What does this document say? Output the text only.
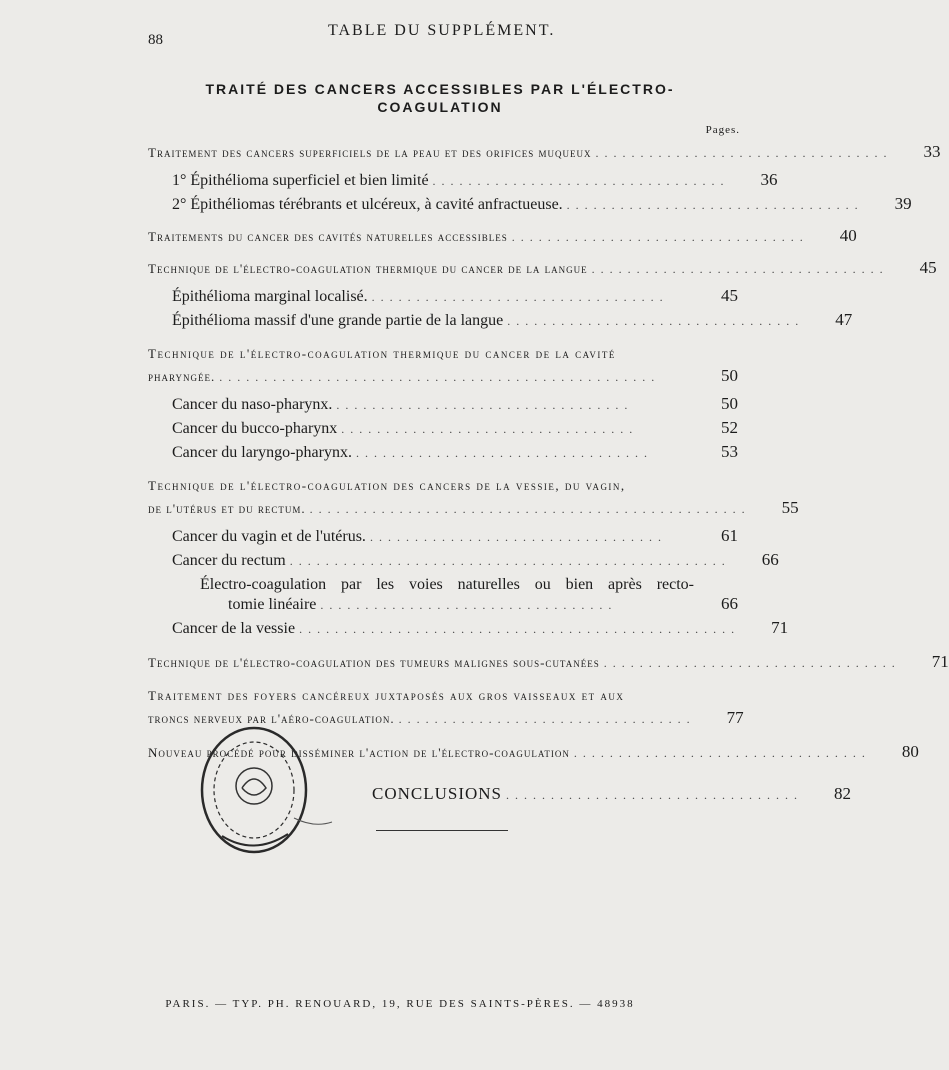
88
TABLE DU SUPPLÉMENT.
TRAITÉ DES CANCERS ACCESSIBLES PAR L'ÉLECTRO-COAGULATION
Pages.
Traitement des cancers superficiels de la peau et des orifices muqueux .................................	33
1° Épithélioma superficiel et bien limité .................................	36
2° Épithéliomas térébrants et ulcéreux, à cavité anfractueuse. .................................	39
Traitements du cancer des cavités naturelles accessibles .................................	40
Technique de l'électro-coagulation thermique du cancer de la langue .................................	45
Épithélioma marginal localisé. .................................	45
Épithélioma massif d'une grande partie de la langue .................................	47
Technique de l'électro-coagulation thermique du cancer de la cavité
pharyngée. .................................................	50
Cancer du naso-pharynx. .................................	50
Cancer du bucco-pharynx .................................	52
Cancer du laryngo-pharynx. .................................	53
Technique de l'électro-coagulation des cancers de la vessie, du vagin,
de l'utérus et du rectum. .................................................	55
Cancer du vagin et de l'utérus. .................................	61
Cancer du rectum .................................................	66
Électro-coagulation par les voies naturelles ou bien après recto-
tomie linéaire .................................	66
Cancer de la vessie .................................................	71
Technique de l'électro-coagulation des tumeurs malignes sous-cutanées .................................	71
Traitement des foyers cancéreux juxtaposés aux gros vaisseaux et aux
troncs nerveux par l'aéro-coagulation. .................................	77
Nouveau procédé pour disséminer l'action de l'électro-coagulation .................................	80
CONCLUSIONS .................................	82
PARIS. — TYP. PH. RENOUARD, 19, RUE DES SAINTS-PÈRES. — 48938
